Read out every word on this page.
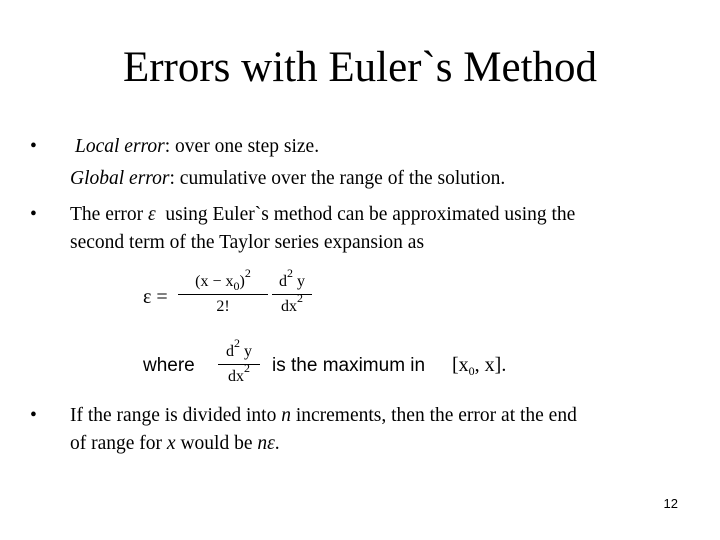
Errors with Euler`s Method
• Local error: over one step size.
Global error: cumulative over the range of the solution.
• The error ε  using Euler`s method can be approximated using the
second term of the Taylor series expansion as
ε =
$(x - x_0)^2$
2!
$d^2$ y
$dx^2$
where
$d^2$ y
$dx^2$	is the maximum in [$x_0$, x].
• If the range is divided into n increments, then the error at the end
of range for x would be nε.
12
